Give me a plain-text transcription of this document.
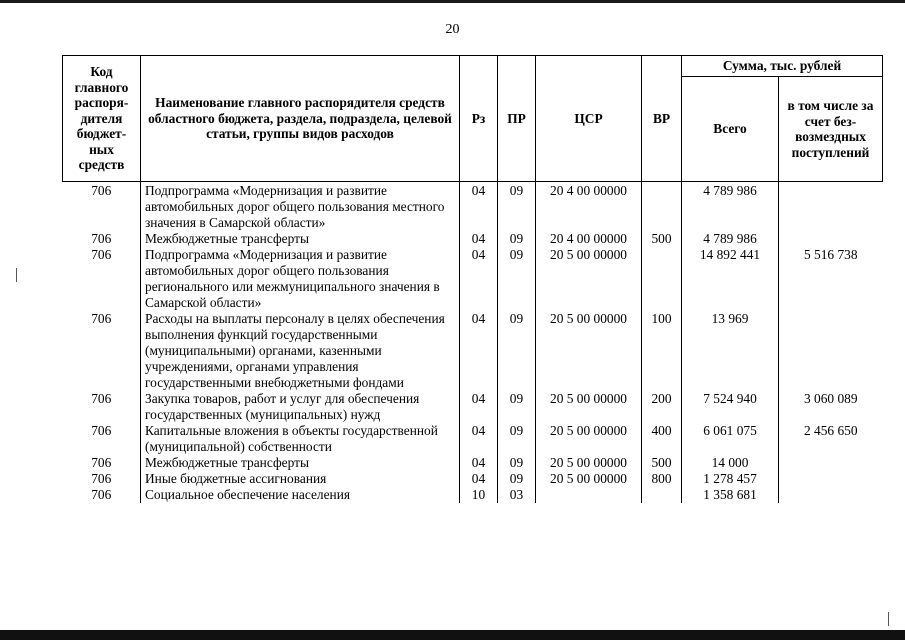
20
Код главного распоря-дителя бюджет-ных средств	Наименование главного распорядителя средств областного бюджета, раздела, подраздела, целевой статьи, группы видов расходов	Рз	ПР	ЦСР	ВР	Сумма, тыс. рублей	
						Всего	в том числе за счет без-возмездных поступлений
706	Подпрограмма «Модернизация и развитие автомобильных дорог общего пользования местного значения в Самарской области»	04	09	20 4 00 00000		4 789 986	
706	Межбюджетные трансферты	04	09	20 4 00 00000	500	4 789 986	
706	Подпрограмма «Модернизация и развитие автомобильных дорог общего пользования регионального или межмуниципального значения в Самарской области»	04	09	20 5 00 00000		14 892 441	5 516 738
706	Расходы на выплаты персоналу в целях обеспечения выполнения функций государственными (муниципальными) органами, казенными учреждениями, органами управления государственными внебюджетными фондами	04	09	20 5 00 00000	100	13 969	
706	Закупка товаров, работ и услуг для обеспечения государственных (муниципальных) нужд	04	09	20 5 00 00000	200	7 524 940	3 060 089
706	Капитальные вложения в объекты государственной (муниципальной) собственности	04	09	20 5 00 00000	400	6 061 075	2 456 650
706	Межбюджетные трансферты	04	09	20 5 00 00000	500	14 000	
706	Иные бюджетные ассигнования	04	09	20 5 00 00000	800	1 278 457	
706	Социальное обеспечение населения	10	03			1 358 681	
